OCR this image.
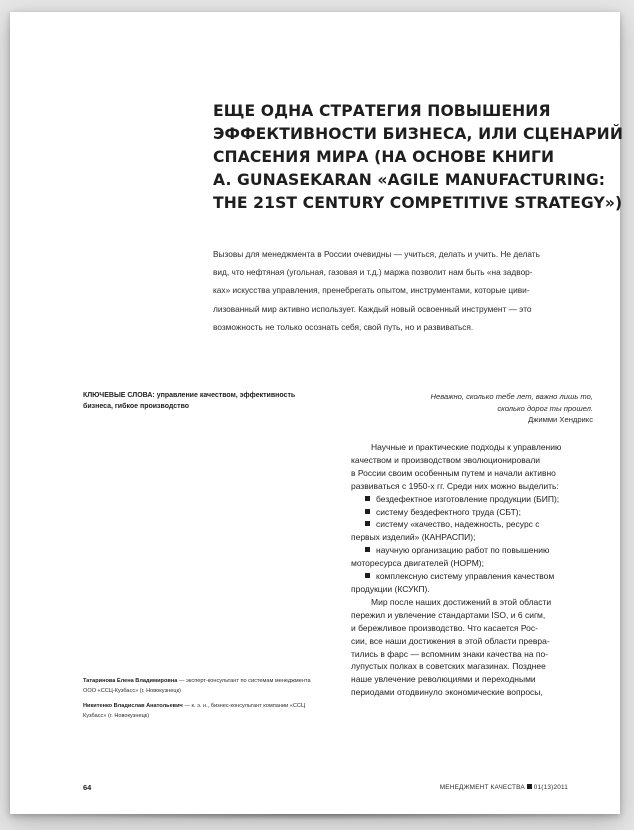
ЕЩЕ ОДНА СТРАТЕГИЯ ПОВЫШЕНИЯ
ЭФФЕКТИВНОСТИ БИЗНЕСА, ИЛИ СЦЕНАРИЙ
СПАСЕНИЯ МИРА (НА ОСНОВЕ КНИГИ
A. GUNASEKARAN «AGILE MANUFACTURING:
THE 21ST CENTURY COMPETITIVE STRATEGY»)

Вызовы для менеджмента в России очевидны — учиться, делать и учить. Не делать
вид, что нефтяная (угольная, газовая и т.д.) маржа позволит нам быть «на задвор-
ках» искусства управления, пренебрегать опытом, инструментами, которые циви-
лизованный мир активно использует. Каждый новый освоенный инструмент — это
возможность не только осознать себя, свой путь, но и развиваться.

КЛЮЧЕВЫЕ СЛОВА: управление качеством, эффективность
бизнеса, гибкое производство
Неважно, сколько тебе лет, важно лишь то,
сколько дорог ты прошел.
Джимми Хендрикс
Научные и практические подходы к управлению
качеством и производством эволюционировали
в России своим особенным путем и начали активно
развиваться с 1950-х гг. Среди них можно выделить:
бездефектное изготовление продукции (БИП);
систему бездефектного труда (СБТ);
систему «качество, надежность, ресурс с
первых изделий» (КАНРАСПИ);
научную организацию работ по повышению
моторесурса двигателей (НОРМ);
комплексную систему управления качеством
продукции (КСУКП).
Мир после наших достижений в этой области
пережил и увлечение стандартами ISO, и 6 сигм,
и бережливое производство. Что касается Рос-
сии, все наши достижения в этой области превра-
тились в фарс — вспомним знаки качества на по-
лупустых полках в советских магазинах. Позднее
наше увлечение революциями и переходными
периодами отодвинуло экономические вопросы,
Татаринова Елена Владимировна — эксперт-консультант по системам менеджмента
ООО «ССЦ-Кузбасс» (г. Новокузнецк)
Никитенко Владислав Анатольевич — к. э. н., бизнес-консультант компании «ССЦ
Кузбасс» (г. Новокузнецк)
64	МЕНЕДЖМЕНТ КАЧЕСТВА 01(13)2011
